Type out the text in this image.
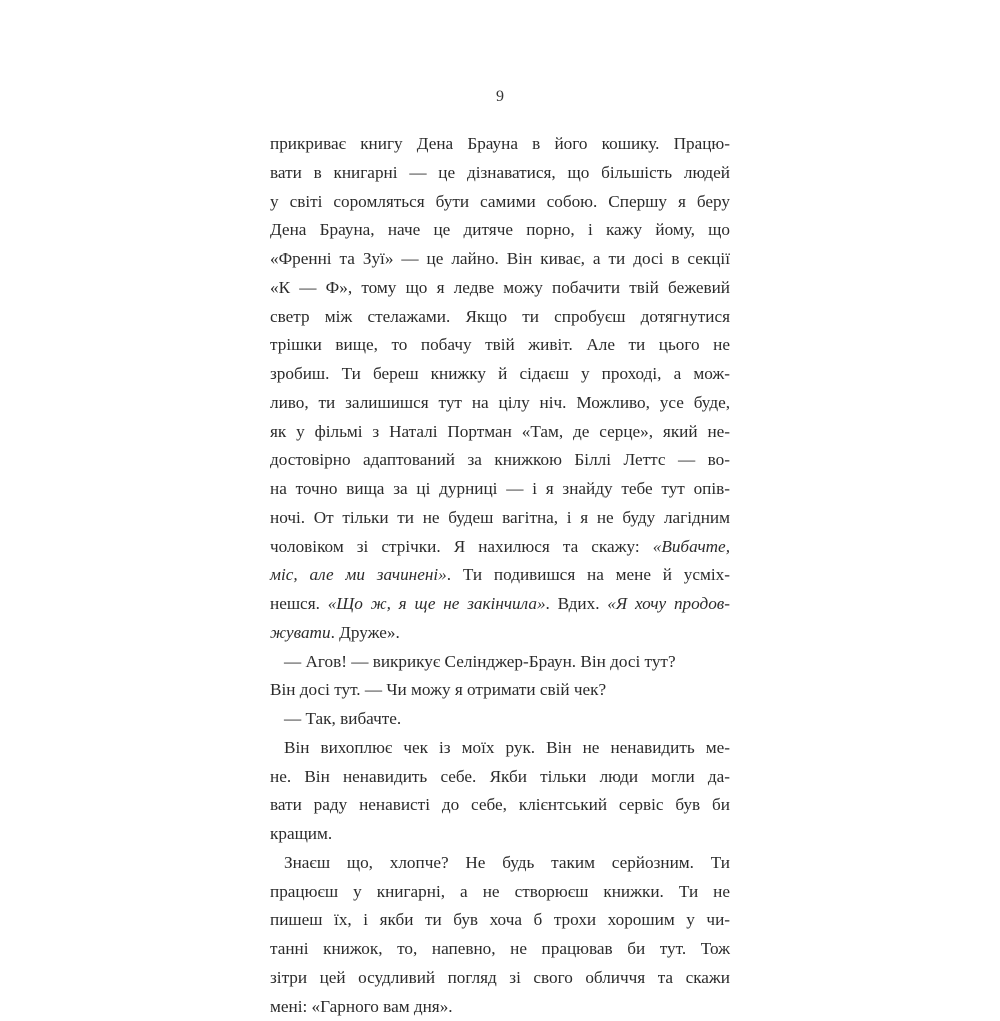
9
прикриває книгу Дена Брауна в його кошику. Працю-
вати в книгарні — це дізнаватися, що більшість людей
у світі соромляться бути самими собою. Спершу я беру
Дена Брауна, наче це дитяче порно, і кажу йому, що
«Френні та Зуї» — це лайно. Він киває, а ти досі в секції
«К — Ф», тому що я ледве можу побачити твій бежевий
светр між стелажами. Якщо ти спробуєш дотягнутися
трішки вище, то побачу твій живіт. Але ти цього не
зробиш. Ти береш книжку й сідаєш у проході, а мож-
ливо, ти залишишся тут на цілу ніч. Можливо, усе буде,
як у фільмі з Наталі Портман «Там, де серце», який не-
достовірно адаптований за книжкою Біллі Леттс — во-
на точно вища за ці дурниці — і я знайду тебе тут опів-
ночі. От тільки ти не будеш вагітна, і я не буду лагідним
чоловіком зі стрічки. Я нахилюся та скажу: «Вибачте,
міс, але ми зачинені». Ти подивишся на мене й усміх-
нешся. «Що ж, я ще не закінчила». Вдих. «Я хочу продов-
жувати. Друже».
— Агов! — викрикує Селінджер-Браун. Він досі тут?
Він досі тут. — Чи можу я отримати свій чек?
— Так, вибачте.
Він вихоплює чек із моїх рук. Він не ненавидить ме-
не. Він ненавидить себе. Якби тільки люди могли да-
вати раду ненависті до себе, клієнтський сервіс був би
кращим.
Знаєш що, хлопче? Не будь таким серйозним. Ти
працюєш у книгарні, а не створюєш книжки. Ти не
пишеш їх, і якби ти був хоча б трохи хорошим у чи-
танні книжок, то, напевно, не працював би тут. Тож
зітри цей осудливий погляд зі свого обличчя та скажи
мені: «Гарного вам дня».
